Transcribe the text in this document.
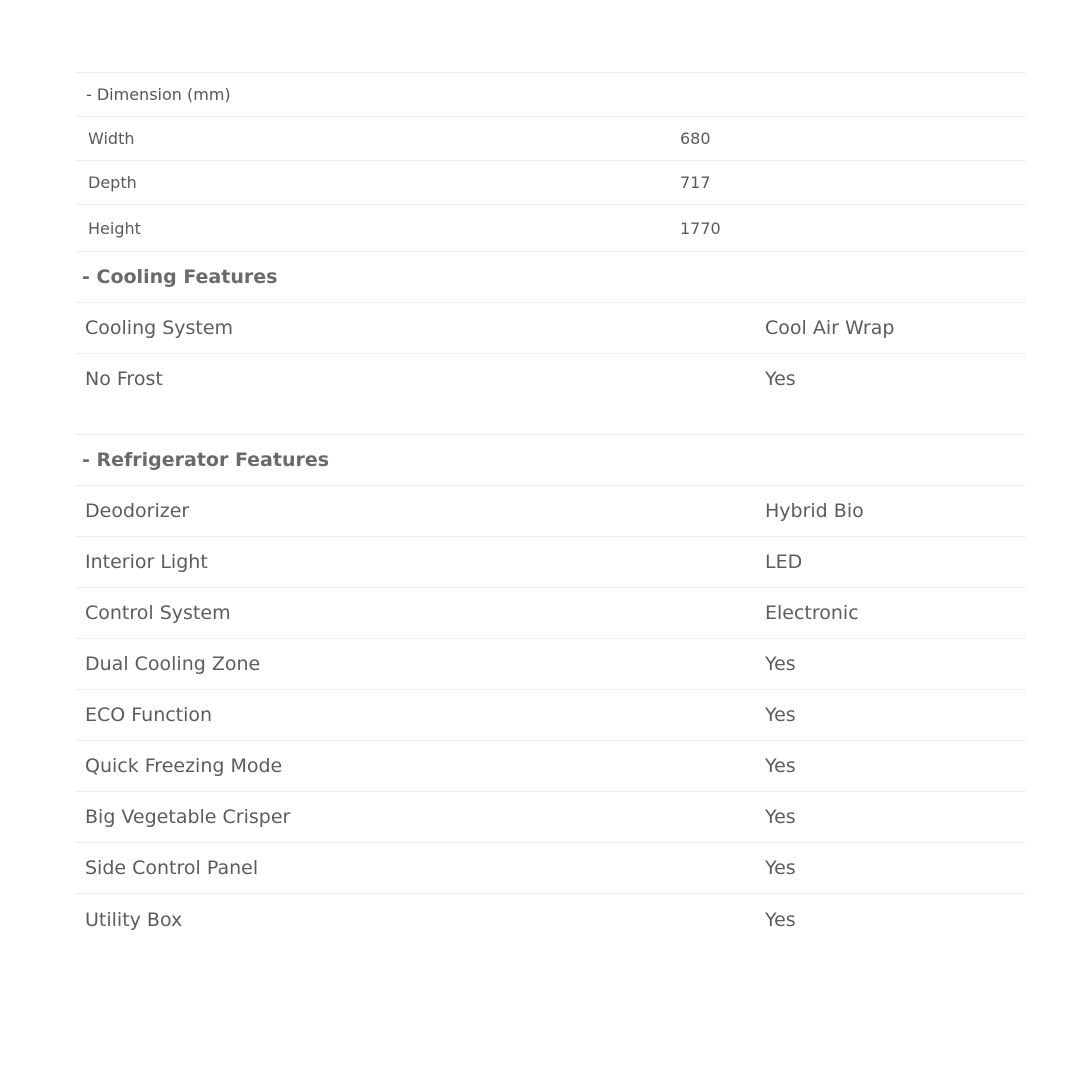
- Dimension (mm)
Width	680
Depth	717
Height	1770
- Cooling Features
Cooling System	Cool Air Wrap
No Frost	Yes
- Refrigerator Features
Deodorizer	Hybrid Bio
Interior Light	LED
Control System	Electronic
Dual Cooling Zone	Yes
ECO Function	Yes
Quick Freezing Mode	Yes
Big Vegetable Crisper	Yes
Side Control Panel	Yes
Utility Box	Yes
